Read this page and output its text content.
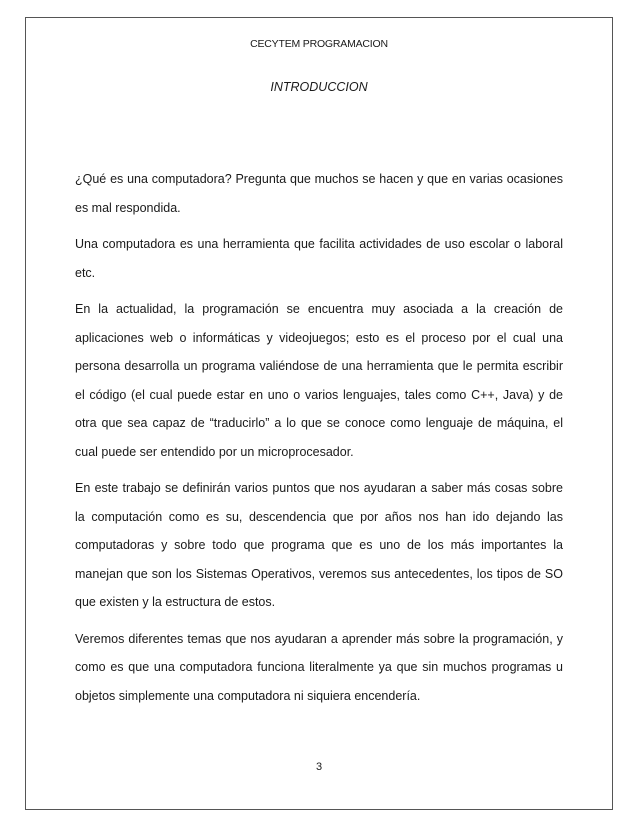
CECYTEM PROGRAMACION
INTRODUCCION

¿Qué es una computadora? Pregunta que muchos se hacen y que en varias ocasiones es mal respondida.

Una computadora es una herramienta que facilita actividades de uso escolar o laboral etc.

En la actualidad, la programación se encuentra muy asociada a la creación de aplicaciones web o informáticas y videojuegos; esto es el proceso por el cual una persona desarrolla un programa valiéndose de una herramienta que le permita escribir el código (el cual puede estar en uno o varios lenguajes, tales como C++, Java) y de otra que sea capaz de “traducirlo” a lo que se conoce como lenguaje de máquina, el cual puede ser entendido por un microprocesador.

En este trabajo se definirán varios puntos que nos ayudaran a saber más cosas sobre la computación como es su, descendencia que por años nos han ido dejando las computadoras y sobre todo que programa que es uno de los más importantes la manejan que son los Sistemas Operativos, veremos sus antecedentes, los tipos de SO que existen y la estructura de estos.

Veremos diferentes temas que nos ayudaran a aprender más sobre la programación, y como es que una computadora funciona literalmente ya que sin muchos programas u objetos simplemente una computadora ni siquiera encendería.

3
